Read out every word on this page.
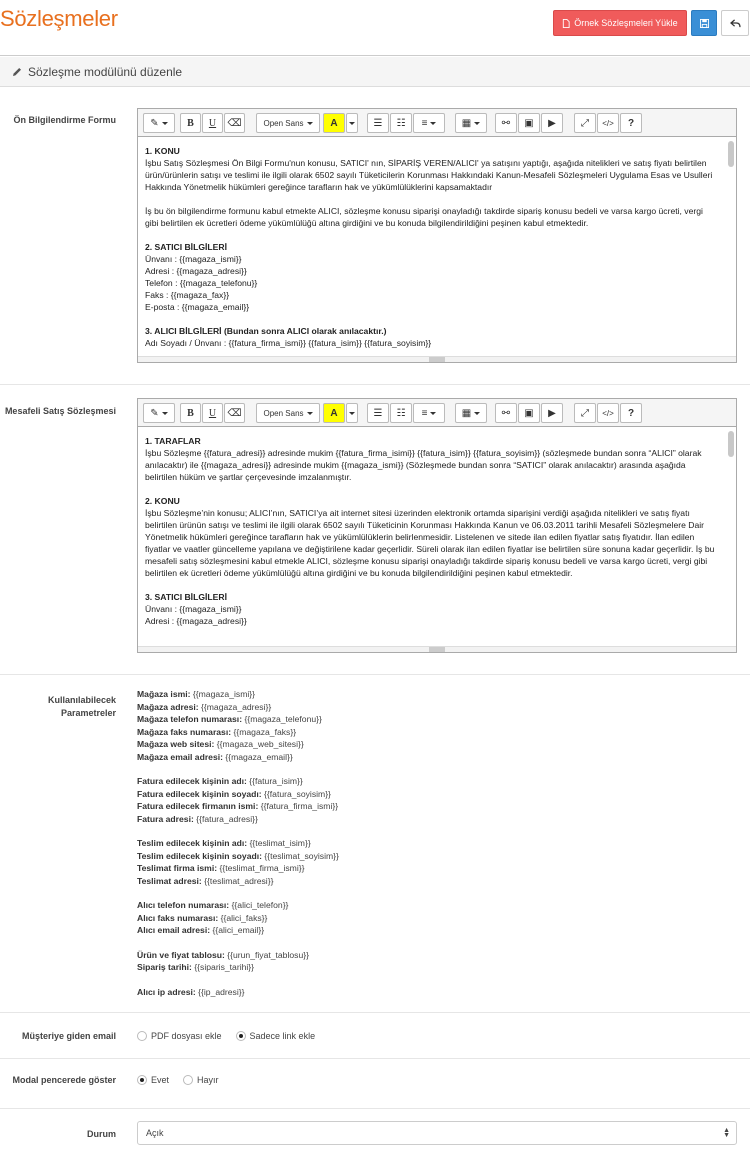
Sözleşmeler	Örnek Sözleşmeleri Yükle
Sözleşme modülünü düzenle
Ön Bilgilendirme Formu	✎	B	U	⌫	Open Sans	A	☰ ☷ ≡	▦	⚯ ▣ ▶	⤢ </> ?

1. KONU

İşbu Satış Sözleşmesi Ön Bilgi Formu'nun konusu, SATICI' nın, SİPARİŞ VEREN/ALICI' ya satışını yaptığı, aşağıda nitelikleri ve satış fiyatı belirtilen ürün/ürünlerin satışı ve teslimi ile ilgili olarak 6502 sayılı Tüketicilerin Korunması Hakkındaki Kanun-Mesafeli Sözleşmeleri Uygulama Esas ve Usulleri Hakkında Yönetmelik hükümleri gereğince tarafların hak ve yükümlülüklerini kapsamaktadır

İş bu ön bilgilendirme formunu kabul etmekte ALICI, sözleşme konusu siparişi onayladığı takdirde sipariş konusu bedeli ve varsa kargo ücreti, vergi gibi belirtilen ek ücretleri ödeme yükümlülüğü altına girdiğini ve bu konuda bilgilendirildiğini peşinen kabul etmektedir.

2. SATICI BİLGİLERİ

Ünvanı : {{magaza_ismi}}

Adresi : {{magaza_adresi}}

Telefon : {{magaza_telefonu}}

Faks : {{magaza_fax}}

E-posta : {{magaza_email}}

3. ALICI BİLGİLERİ (Bundan sonra ALICI olarak anılacaktır.)

Adı Soyadı / Ünvanı : {{fatura_firma_ismi}} {{fatura_isim}} {{fatura_soyisim}}

Mesafeli Satış Sözleşmesi	✎	B	U	⌫	Open Sans	A	☰ ☷ ≡	▦	⚯ ▣ ▶	⤢ </> ?

1. TARAFLAR

İşbu Sözleşme {{fatura_adresi}} adresinde mukim {{fatura_firma_isimi}} {{fatura_isim}} {{fatura_soyisim}} (sözleşmede bundan sonra “ALICI” olarak anılacaktır) ile {{magaza_adresi}} adresinde mukim {{magaza_ismi}} (Sözleşmede bundan sonra “SATICI” olarak anılacaktır) arasında aşağıda belirtilen hüküm ve şartlar çerçevesinde imzalanmıştır.

2. KONU

İşbu Sözleşme’nin konusu; ALICI’nın, SATICI’ya ait internet sitesi üzerinden elektronik ortamda siparişini verdiği aşağıda nitelikleri ve satış fiyatı belirtilen ürünün satışı ve teslimi ile ilgili olarak 6502 sayılı Tüketicinin Korunması Hakkında Kanun ve 06.03.2011 tarihli Mesafeli Sözleşmelere Dair Yönetmelik hükümleri gereğince tarafların hak ve yükümlülüklerin belirlenmesidir. Listelenen ve sitede ilan edilen fiyatlar satış fiyatıdır. İlan edilen fiyatlar ve vaatler güncelleme yapılana ve değiştirilene kadar geçerlidir. Süreli olarak ilan edilen fiyatlar ise belirtilen süre sonuna kadar geçerlidir. İş bu mesafeli satış sözleşmesini kabul etmekle ALICI, sözleşme konusu siparişi onayladığı takdirde sipariş konusu bedeli ve varsa kargo ücreti, vergi gibi belirtilen ek ücretleri ödeme yükümlülüğü altına girdiğini ve bu konuda bilgilendirildiğini peşinen kabul etmektedir.

3. SATICI BİLGİLERİ

Ünvanı : {{magaza_ismi}}

Adresi : {{magaza_adresi}}

Kullanılabilecek Parametreler
Mağaza ismi: {{magaza_ismi}}
Mağaza adresi: {{magaza_adresi}}
Mağaza telefon numarası: {{magaza_telefonu}}
Mağaza faks numarası: {{magaza_faks}}
Mağaza web sitesi: {{magaza_web_sitesi}}
Mağaza email adresi: {{magaza_email}}
Fatura edilecek kişinin adı: {{fatura_isim}}
Fatura edilecek kişinin soyadı: {{fatura_soyisim}}
Fatura edilecek firmanın ismi: {{fatura_firma_ismi}}
Fatura adresi: {{fatura_adresi}}
Teslim edilecek kişinin adı: {{teslimat_isim}}
Teslim edilecek kişinin soyadı: {{teslimat_soyisim}}
Teslimat firma ismi: {{teslimat_firma_ismi}}
Teslimat adresi: {{teslimat_adresi}}
Alıcı telefon numarası: {{alici_telefon}}
Alıcı faks numarası: {{alici_faks}}
Alıcı email adresi: {{alici_email}}
Ürün ve fiyat tablosu: {{urun_fiyat_tablosu}}
Sipariş tarihi: {{siparis_tarihi}}
Alıcı ip adresi: {{ip_adresi}}
Müşteriye giden email	PDF dosyası ekle	Sadece link ekle
Modal pencerede göster	Evet	Hayır
Durum	Açık	▲
▼
